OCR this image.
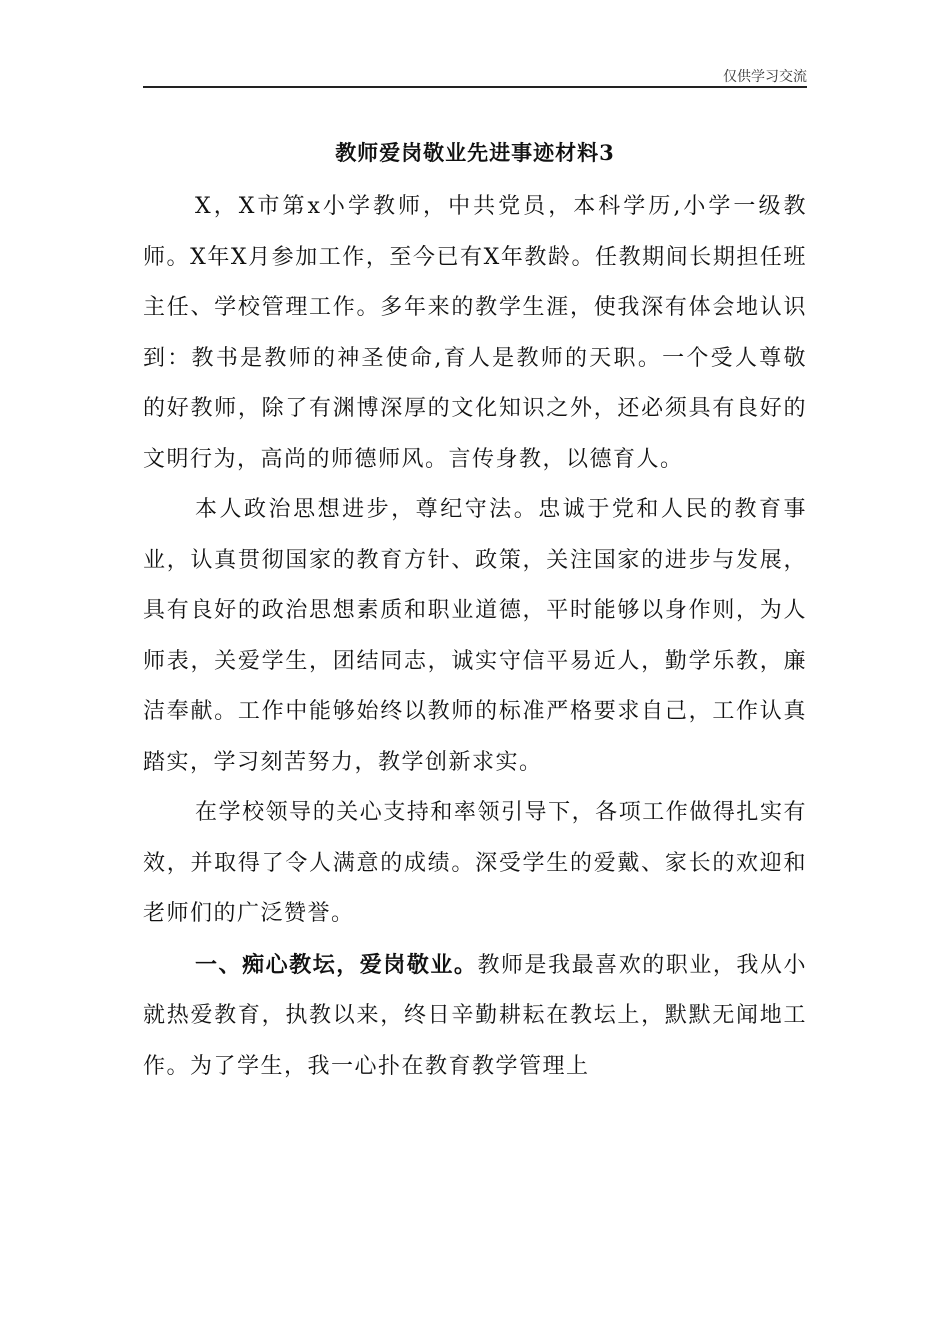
仅供学习交流
教师爱岗敬业先进事迹材料3

X，X市第x小学教师，中共党员，本科学历,小学一级教师。X年X月参加工作，至今已有X年教龄。任教期间长期担任班主任、学校管理工作。多年来的教学生涯，使我深有体会地认识到：教书是教师的神圣使命,育人是教师的天职。一个受人尊敬的好教师，除了有渊博深厚的文化知识之外，还必须具有良好的文明行为，高尚的师德师风。言传身教，以德育人。

本人政治思想进步，尊纪守法。忠诚于党和人民的教育事业，认真贯彻国家的教育方针、政策，关注国家的进步与发展，具有良好的政治思想素质和职业道德，平时能够以身作则，为人师表，关爱学生，团结同志，诚实守信平易近人，勤学乐教，廉洁奉献。工作中能够始终以教师的标准严格要求自己，工作认真踏实，学习刻苦努力，教学创新求实。

在学校领导的关心支持和率领引导下，各项工作做得扎实有效，并取得了令人满意的成绩。深受学生的爱戴、家长的欢迎和老师们的广泛赞誉。

一、痴心教坛，爱岗敬业。教师是我最喜欢的职业，我从小就热爱教育，执教以来，终日辛勤耕耘在教坛上，默默无闻地工作。为了学生，我一心扑在教育教学管理上
